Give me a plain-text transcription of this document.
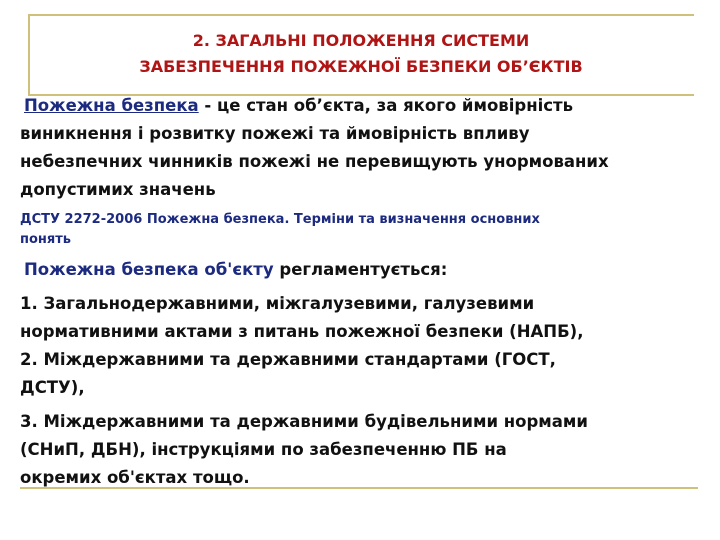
2. ЗАГАЛЬНІ ПОЛОЖЕННЯ СИСТЕМИ
ЗАБЕЗПЕЧЕННЯ ПОЖЕЖНОЇ БЕЗПЕКИ ОБ’ЄКТІВ

Пожежна безпека - це стан об’єкта, за якого ймовірність

виникнення і розвитку пожежі та ймовірність впливу

небезпечних чинників пожежі не перевищують унормованих

допустимих значень

ДСТУ 2272-2006 Пожежна безпека. Терміни та визначення основних
понять

Пожежна безпека об'єкту регламентується:

1. Загальнодержавними, міжгалузевими, галузевими

нормативними актами з питань пожежної безпеки (НАПБ),

2. Міждержавними та державними стандартами (ГОСТ,

ДСТУ),

3. Міждержавними та державними будівельними нормами

(СНиП, ДБН), інструкціями по забезпеченню ПБ на

окремих об'єктах тощо.
